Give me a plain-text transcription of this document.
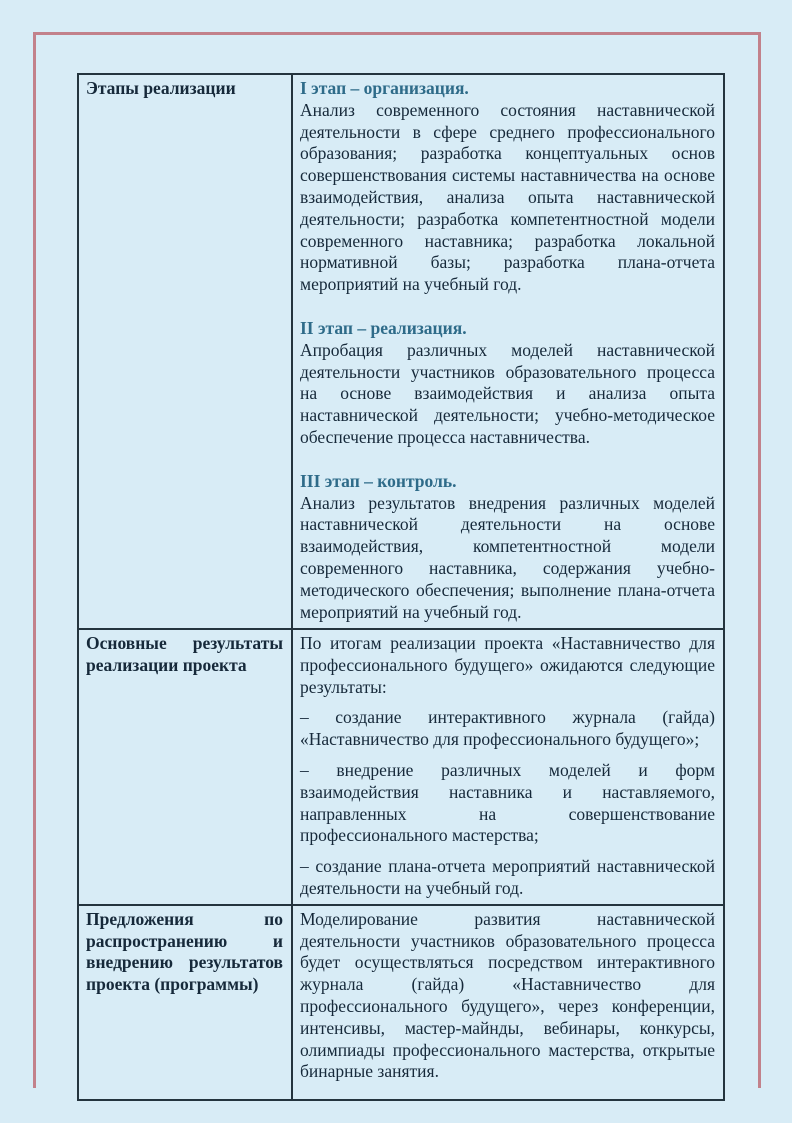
Этапы реализации	I этап – организация.

Анализ современного состояния наставнической деятельности в сфере среднего профессионального образования; разработка концептуальных основ совершенствования системы наставничества на основе взаимодействия, анализа опыта наставнической деятельности; разработка компетентностной модели современного наставника; разработка локальной нормативной базы; разработка плана-отчета мероприятий на учебный год.

II этап – реализация.

Апробация различных моделей наставнической деятельности участников образовательного процесса на основе взаимодействия и анализа опыта наставнической деятельности; учебно-методическое обеспечение процесса наставничества.

III этап – контроль.

Анализ результатов внедрения различных моделей наставнической деятельности на основе взаимодействия, компетентностной модели современного наставника, содержания учебно-методического обеспечения; выполнение плана-отчета мероприятий на учебный год.

Основные результаты реализации проекта	По итогам реализации проекта «Наставничество для профессионального будущего» ожидаются следующие результаты:

– создание интерактивного журнала (гайда) «Наставничество для профессионального будущего»;

– внедрение различных моделей и форм взаимодействия наставника и наставляемого, направленных на совершенствование профессионального мастерства;

– создание плана-отчета мероприятий наставнической деятельности на учебный год.

Предложения по распространению и внедрению результатов проекта (программы)	Моделирование развития наставнической деятельности участников образовательного процесса будет осуществляться посредством интерактивного журнала (гайда) «Наставничество для профессионального будущего», через конференции, интенсивы, мастер-майнды, вебинары, конкурсы, олимпиады профессионального мастерства, открытые бинарные занятия.
